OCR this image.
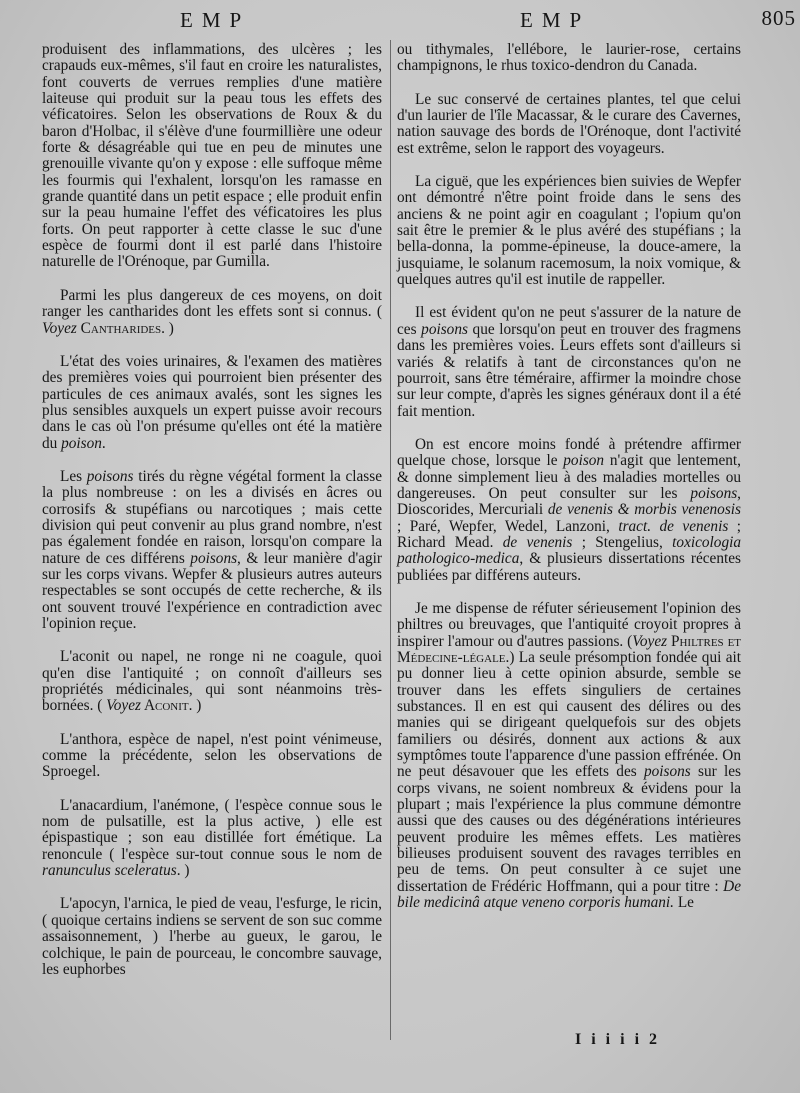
EMP	EMP	805

produisent des inflammations, des ulcères ; les crapauds eux-mêmes, s'il faut en croire les naturalistes, font couverts de verrues remplies d'une matière laiteuse qui produit sur la peau tous les effets des véficatoires. Selon les observations de Roux & du baron d'Holbac, il s'élève d'une fourmillière une odeur forte & désagréable qui tue en peu de minutes une grenouille vivante qu'on y expose : elle suffoque même les fourmis qui l'exhalent, lorsqu'on les ramasse en grande quantité dans un petit espace ; elle produit enfin sur la peau humaine l'effet des véficatoires les plus forts. On peut rapporter à cette classe le suc d'une espèce de fourmi dont il est parlé dans l'histoire naturelle de l'Orénoque, par Gumilla.

Parmi les plus dangereux de ces moyens, on doit ranger les cantharides dont les effets sont si connus. ( Voyez Cantharides. )

L'état des voies urinaires, & l'examen des matières des premières voies qui pourroient bien présenter des particules de ces animaux avalés, sont les signes les plus sensibles auxquels un expert puisse avoir recours dans le cas où l'on présume qu'elles ont été la matière du poison.

Les poisons tirés du règne végétal forment la classe la plus nombreuse : on les a divisés en âcres ou corrosifs & stupéfians ou narcotiques ; mais cette division qui peut convenir au plus grand nombre, n'est pas également fondée en raison, lorsqu'on compare la nature de ces différens poisons, & leur manière d'agir sur les corps vivans. Wepfer & plusieurs autres auteurs respectables se sont occupés de cette recherche, & ils ont souvent trouvé l'expérience en contradiction avec l'opinion reçue.

L'aconit ou napel, ne ronge ni ne coagule, quoi qu'en dise l'antiquité ; on connoît d'ailleurs ses propriétés médicinales, qui sont néanmoins très-bornées. ( Voyez Aconit. )

L'anthora, espèce de napel, n'est point vénimeuse, comme la précédente, selon les observations de Sproegel.

L'anacardium, l'anémone, ( l'espèce connue sous le nom de pulsatille, est la plus active, ) elle est épispastique ; son eau distillée fort émétique. La renoncule ( l'espèce sur-tout connue sous le nom de ranunculus sceleratus. )

L'apocyn, l'arnica, le pied de veau, l'esfurge, le ricin, ( quoique certains indiens se servent de son suc comme assaisonnement, ) l'herbe au gueux, le garou, le colchique, le pain de pourceau, le concombre sauvage, les euphorbes

ou tithymales, l'ellébore, le laurier-rose, certains champignons, le rhus toxico-dendron du Canada.

Le suc conservé de certaines plantes, tel que celui d'un laurier de l'île Macassar, & le curare des Cavernes, nation sauvage des bords de l'Orénoque, dont l'activité est extrême, selon le rapport des voyageurs.

La ciguë, que les expériences bien suivies de Wepfer ont démontré n'être point froide dans le sens des anciens & ne point agir en coagulant ; l'opium qu'on sait être le premier & le plus avéré des stupéfians ; la bella-donna, la pomme-épineuse, la douce-amere, la jusquiame, le solanum racemosum, la noix vomique, & quelques autres qu'il est inutile de rappeller.

Il est évident qu'on ne peut s'assurer de la nature de ces poisons que lorsqu'on peut en trouver des fragmens dans les premières voies. Leurs effets sont d'ailleurs si variés & relatifs à tant de circonstances qu'on ne pourroit, sans être téméraire, affirmer la moindre chose sur leur compte, d'après les signes généraux dont il a été fait mention.

On est encore moins fondé à prétendre affirmer quelque chose, lorsque le poison n'agit que lentement, & donne simplement lieu à des maladies mortelles ou dangereuses. On peut consulter sur les poisons, Dioscorides, Mercuriali de venenis & morbis venenosis ; Paré, Wepfer, Wedel, Lanzoni, tract. de venenis ; Richard Mead. de venenis ; Stengelius, toxicologia pathologico-medica, & plusieurs dissertations récentes publiées par différens auteurs.

Je me dispense de réfuter sérieusement l'opinion des philtres ou breuvages, que l'antiquité croyoit propres à inspirer l'amour ou d'autres passions. (Voyez Philtres et Médecine-légale.) La seule présomption fondée qui ait pu donner lieu à cette opinion absurde, semble se trouver dans les effets singuliers de certaines substances. Il en est qui causent des délires ou des manies qui se dirigeant quelquefois sur des objets familiers ou désirés, donnent aux actions & aux symptômes toute l'apparence d'une passion effrénée. On ne peut désavouer que les effets des poisons sur les corps vivans, ne soient nombreux & évidens pour la plupart ; mais l'expérience la plus commune démontre aussi que des causes ou des dégénérations intérieures peuvent produire les mêmes effets. Les matières bilieuses produisent souvent des ravages terribles en peu de tems. On peut consulter à ce sujet une dissertation de Frédéric Hoffmann, qui a pour titre : De bile medicinâ atque veneno corporis humani. Le

I i i i i 2
